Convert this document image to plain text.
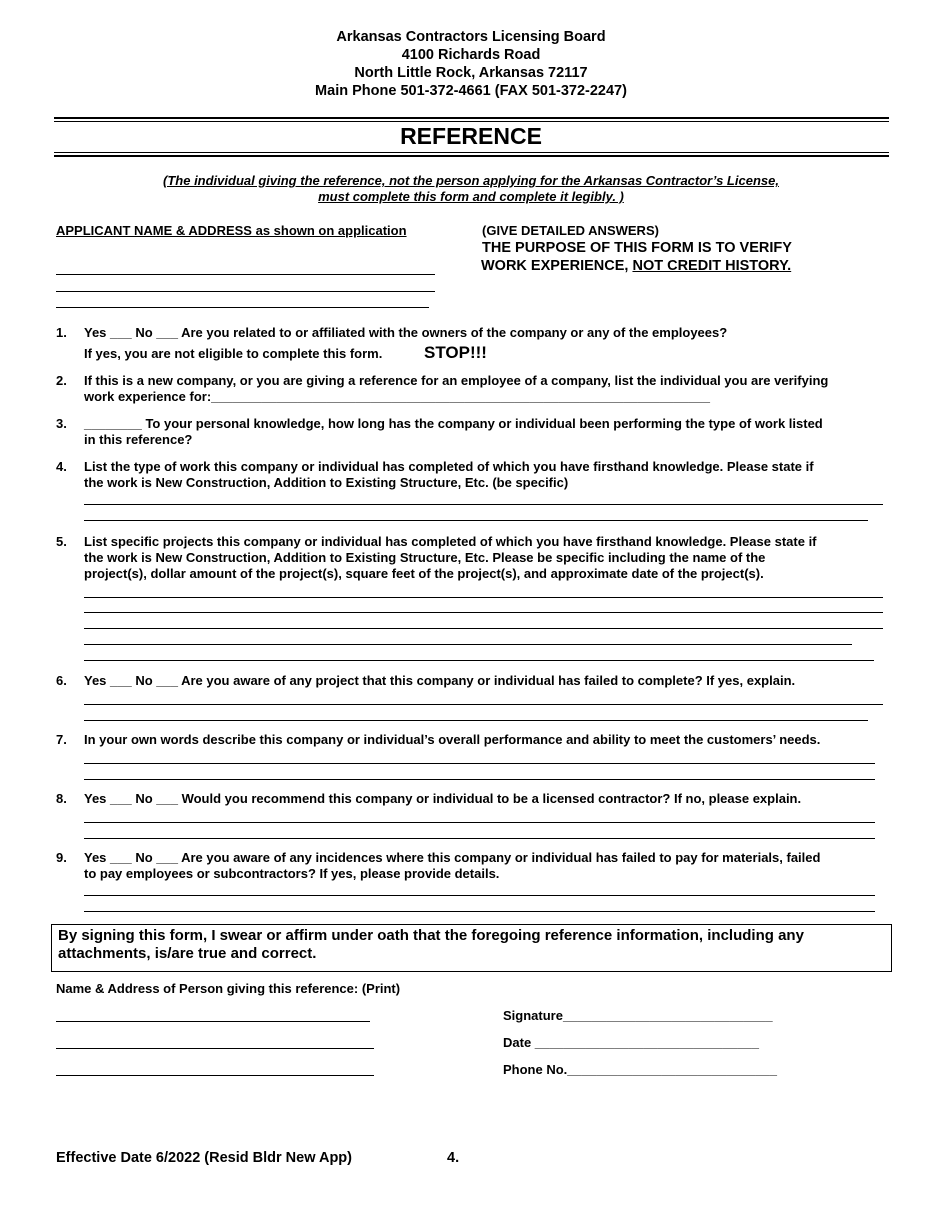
Arkansas Contractors Licensing Board
4100 Richards Road
North Little Rock, Arkansas 72117
Main Phone 501-372-4661 (FAX 501-372-2247)
REFERENCE
(The individual giving the reference, not the person applying for the Arkansas Contractor’s License,
must complete this form and complete it legibly. )
APPLICANT NAME & ADDRESS as shown on application	(GIVE DETAILED ANSWERS)
THE PURPOSE OF THIS FORM IS TO VERIFY
WORK EXPERIENCE, NOT CREDIT HISTORY.
1. Yes ___ No ___ Are you related to or affiliated with the owners of the company or any of the employees?
If yes, you are not eligible to complete this form. STOP!!!
2. If this is a new company, or you are giving a reference for an employee of a company, list the individual you are verifying
work experience for:_____________________________________________________________________
3. ________ To your personal knowledge, how long has the company or individual been performing the type of work listed
in this reference?
4. List the type of work this company or individual has completed of which you have firsthand knowledge. Please state if
the work is New Construction, Addition to Existing Structure, Etc. (be specific)
5. List specific projects this company or individual has completed of which you have firsthand knowledge. Please state if
the work is New Construction, Addition to Existing Structure, Etc. Please be specific including the name of the
project(s), dollar amount of the project(s), square feet of the project(s), and approximate date of the project(s).
6. Yes ___ No ___ Are you aware of any project that this company or individual has failed to complete? If yes, explain.
7. In your own words describe this company or individual’s overall performance and ability to meet the customers’ needs.
8. Yes ___ No ___ Would you recommend this company or individual to be a licensed contractor? If no, please explain.
9. Yes ___ No ___ Are you aware of any incidences where this company or individual has failed to pay for materials, failed
to pay employees or subcontractors? If yes, please provide details.
By signing this form, I swear or affirm under oath that the foregoing reference information, including any attachments, is/are true and correct.
Name & Address of Person giving this reference: (Print)
Signature_____________________________
Date _______________________________
Phone No._____________________________
Effective Date 6/2022 (Resid Bldr New App)	4.
